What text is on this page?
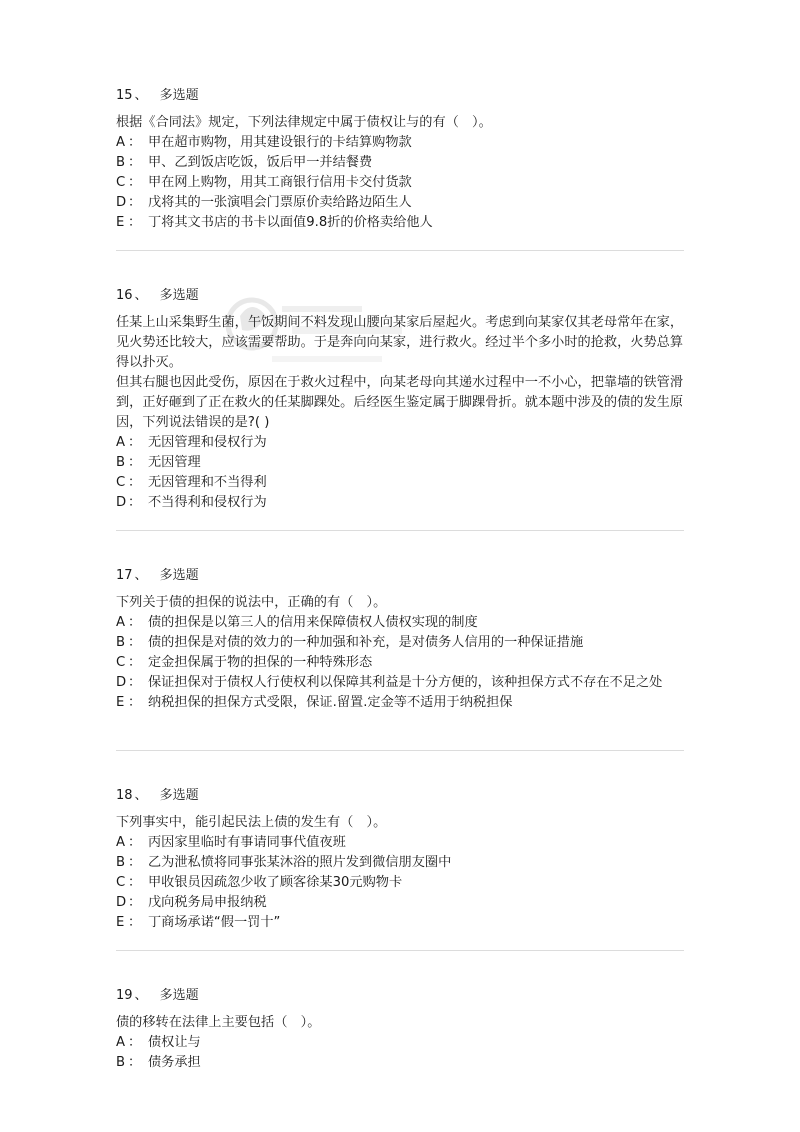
15 、 多选题
根据《合同法》规定，下列法律规定中属于债权让与的有（　）。
A ： 甲在超市购物，用其建设银行的卡结算购物款
B ： 甲、乙到饭店吃饭，饭后甲一并结餐费
C ： 甲在网上购物，用其工商银行信用卡交付货款
D ： 戊将其的一张演唱会门票原价卖给路边陌生人
E ： 丁将其文书店的书卡以面值9.8折的价格卖给他人
16 、 多选题
任某上山采集野生菌，午饭期间不料发现山腰向某家后屋起火。考虑到向某家仅其老母常年在家，见火势还比较大，应该需要帮助。于是奔向向某家，进行救火。经过半个多小时的抢救，火势总算得以扑灭。
但其右腿也因此受伤，原因在于救火过程中，向某老母向其递水过程中一不小心，把靠墙的铁管滑到，正好砸到了正在救火的任某脚踝处。后经医生鉴定属于脚踝骨折。就本题中涉及的债的发生原因，下列说法错误的是?( )
A ： 无因管理和侵权行为
B ： 无因管理
C ： 无因管理和不当得利
D ： 不当得利和侵权行为
17 、 多选题
下列关于债的担保的说法中，正确的有（　）。
A ： 债的担保是以第三人的信用来保障债权人债权实现的制度
B ： 债的担保是对债的效力的一种加强和补充，是对债务人信用的一种保证措施
C ： 定金担保属于物的担保的一种特殊形态
D ： 保证担保对于债权人行使权利以保障其利益是十分方便的，该种担保方式不存在不足之处
E ： 纳税担保的担保方式受限，保证.留置.定金等不适用于纳税担保
18 、 多选题
下列事实中，能引起民法上债的发生有（　）。
A ： 丙因家里临时有事请同事代值夜班
B ： 乙为泄私愤将同事张某沐浴的照片发到微信朋友圈中
C ： 甲收银员因疏忽少收了顾客徐某30元购物卡
D ： 戊向税务局申报纳税
E ： 丁商场承诺“假一罚十”
19 、 多选题
债的移转在法律上主要包括（　）。
A ： 债权让与
B ： 债务承担
